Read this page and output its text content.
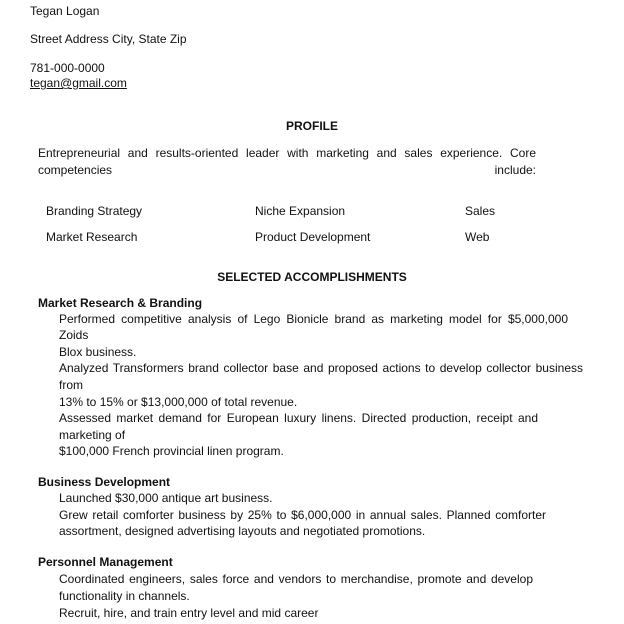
Tegan Logan
Street Address City, State Zip
781-000-0000
tegan@gmail.com
PROFILE
Entrepreneurial and results-oriented leader with marketing and sales experience. Core competencies include:
Branding Strategy	Niche Expansion	Sales
Market Research	Product Development	Web
SELECTED ACCOMPLISHMENTS
Market Research & Branding
Performed competitive analysis of Lego Bionicle brand as marketing model for $5,000,000
Zoids
Blox business.
Analyzed Transformers brand collector base and proposed actions to develop collector business
from
13% to 15% or $13,000,000 of total revenue.
Assessed market demand for European luxury linens. Directed production, receipt and
marketing of
$100,000 French provincial linen program.
Business Development
Launched $30,000 antique art business.
Grew retail comforter business by 25% to $6,000,000 in annual sales. Planned comforter
assortment, designed advertising layouts and negotiated promotions.
Personnel Management
Coordinated engineers, sales force and vendors to merchandise, promote and develop
functionality in channels.
Recruit, hire, and train entry level and mid career
